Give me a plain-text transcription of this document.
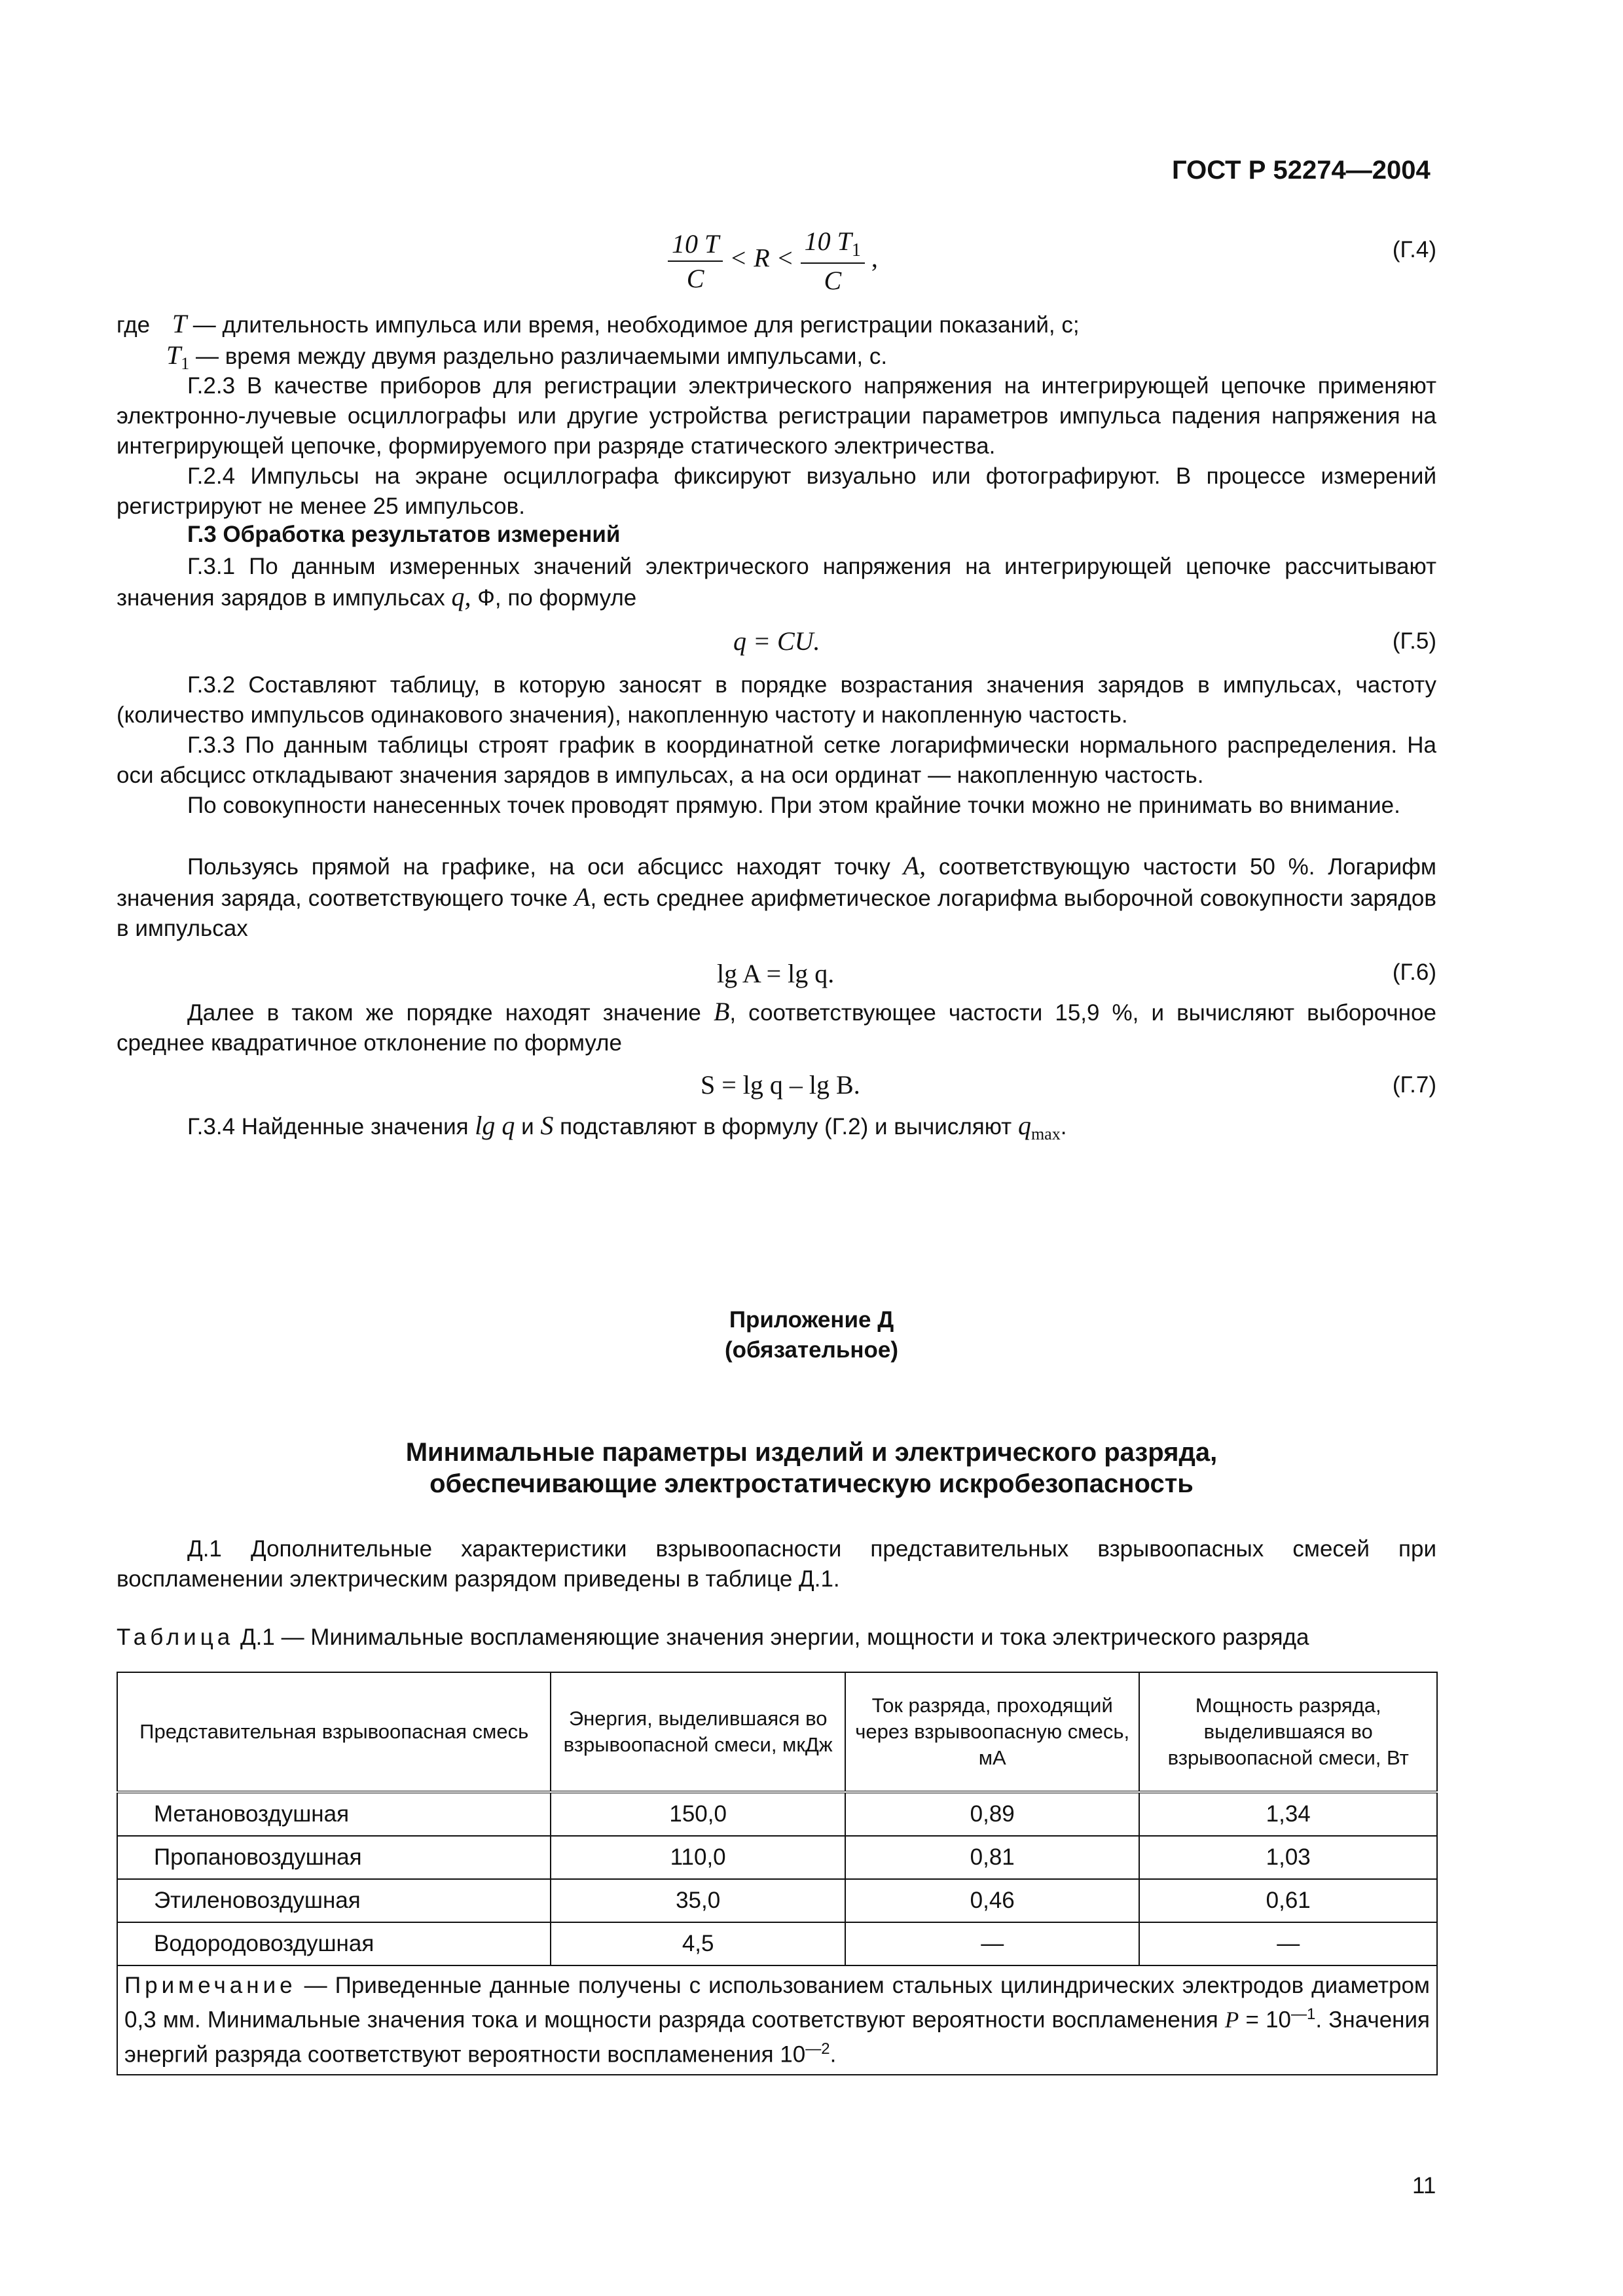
ГОСТ Р 52274—2004
$\frac{10 T}{C} < R < \frac{10 T_1}{C}$ ,	(Г.4)
где T — длительность импульса или время, необходимое для регистрации показаний, с;
$T_1$ — время между двумя раздельно различаемыми импульсами, с.
Г.2.3 В качестве приборов для регистрации электрического напряжения на интегрирующей цепочке применяют электронно-лучевые осциллографы или другие устройства регистрации параметров импульса падения напряжения на интегрирующей цепочке, формируемого при разряде статического электричества.
Г.2.4 Импульсы на экране осциллографа фиксируют визуально или фотографируют. В процессе измерений регистрируют не менее 25 импульсов.
Г.3 Обработка результатов измерений
Г.3.1 По данным измеренных значений электрического напряжения на интегрирующей цепочке рассчитывают значения зарядов в импульсах q, Ф, по формуле
q = CU.	(Г.5)
Г.3.2 Составляют таблицу, в которую заносят в порядке возрастания значения зарядов в импульсах, частоту (количество импульсов одинакового значения), накопленную частоту и накопленную частость.
Г.3.3 По данным таблицы строят график в координатной сетке логарифмически нормального распределения. На оси абсцисс откладывают значения зарядов в импульсах, а на оси ординат — накопленную частость.
По совокупности нанесенных точек проводят прямую. При этом крайние точки можно не принимать во внимание.
Пользуясь прямой на графике, на оси абсцисс находят точку A, соответствующую частости 50 %. Логарифм значения заряда, соответствующего точке A, есть среднее арифметическое логарифма выборочной совокупности зарядов в импульсах
lg A = lg q.	(Г.6)
Далее в таком же порядке находят значение B, соответствующее частости 15,9 %, и вычисляют выборочное среднее квадратичное отклонение по формуле
S = lg q – lg B.	(Г.7)
Г.3.4 Найденные значения lg q и S подставляют в формулу (Г.2) и вычисляют $q_{max}$.
Приложение Д
(обязательное)
Минимальные параметры изделий и электрического разряда,
обеспечивающие электростатическую искробезопасность
Д.1 Дополнительные характеристики взрывоопасности представительных взрывоопасных смесей при воспламенении электрическим разрядом приведены в таблице Д.1.
Таблица Д.1 — Минимальные воспламеняющие значения энергии, мощности и тока электрического разряда
Представительная взрывоопасная смесь	Энергия, выделившаяся во взрывоопасной смеси, мкДж	Ток разряда, проходящий через взрывоопасную смесь, мА	Мощность разряда, выделившаяся во взрывоопасной смеси, Вт
Метановоздушная	150,0	0,89	1,34
Пропановоздушная	110,0	0,81	1,03
Этиленовоздушная	35,0	0,46	0,61
Водородовоздушная	4,5	—	—
Примечание — Приведенные данные получены с использованием стальных цилиндрических электродов диаметром 0,3 мм. Минимальные значения тока и мощности разряда соответствуют вероятности воспламенения $P = 10^{—1}$. Значения энергий разряда соответствуют вероятности воспламенения $10^{—2}$.			
11
